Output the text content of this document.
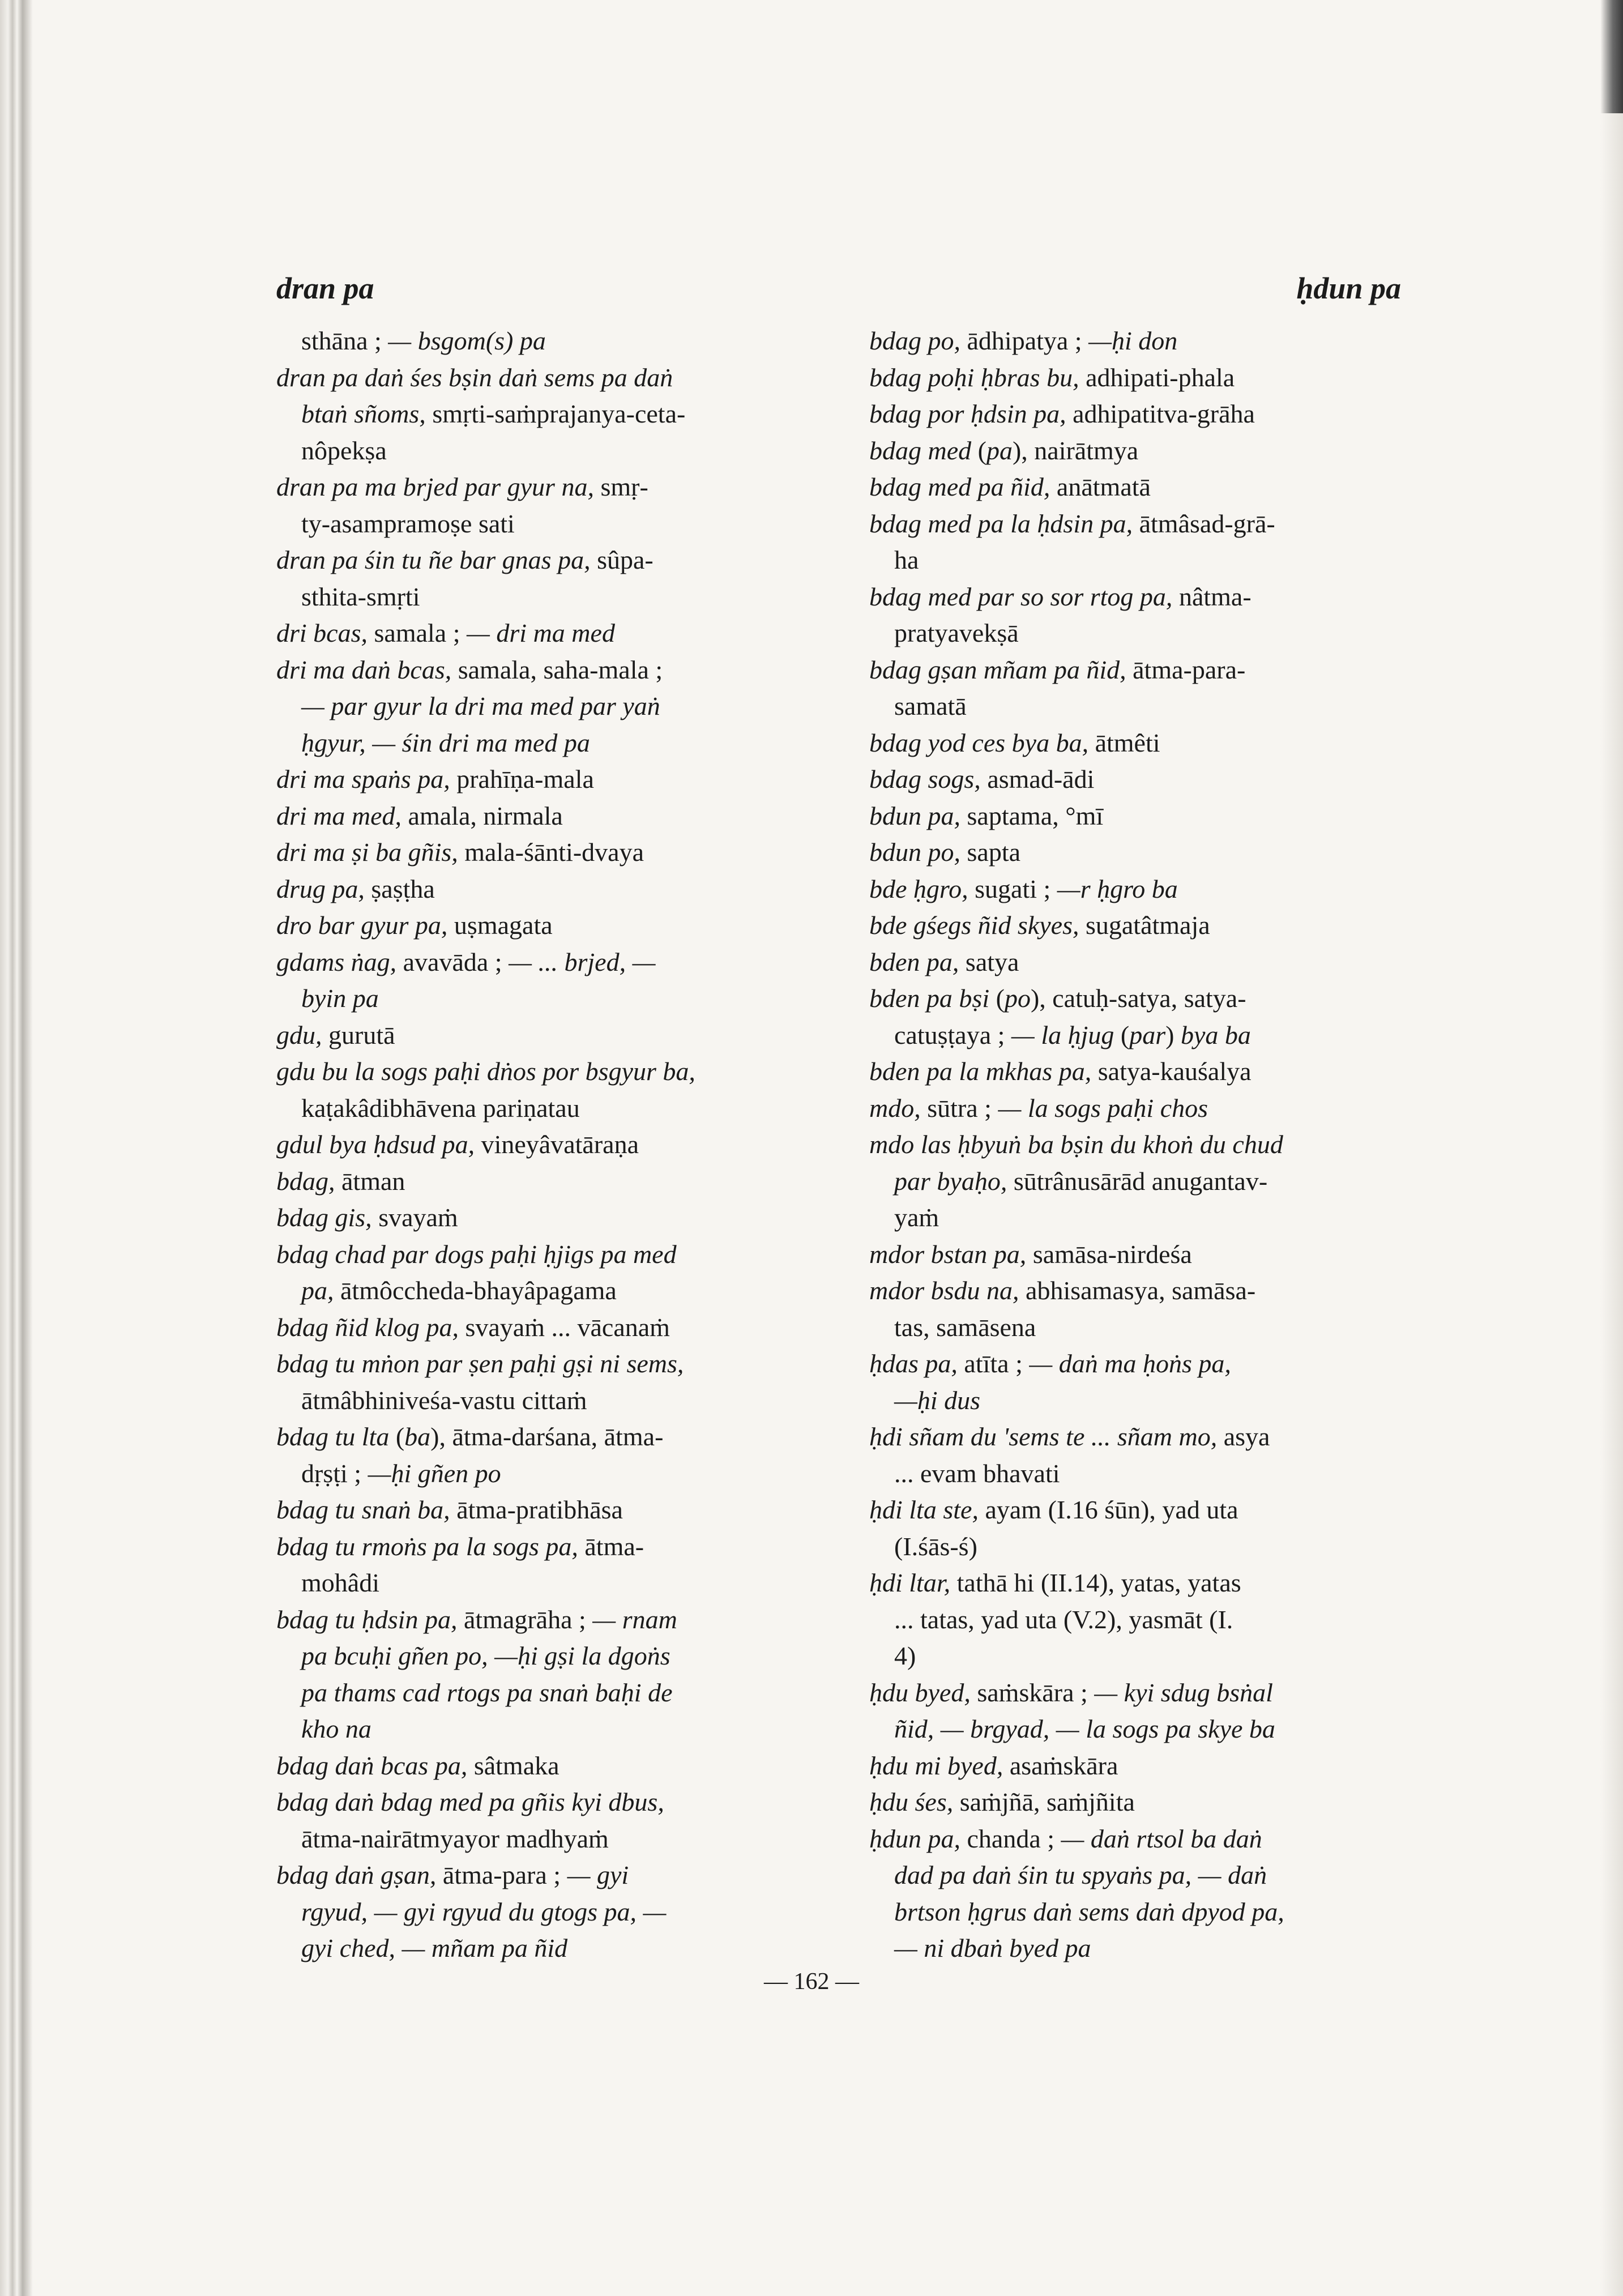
dran pa	ḥdun pa
sthāna ; — bsgom(s) pa
dran pa daṅ śes bṣin daṅ sems pa daṅ
btaṅ sñoms, smṛti-saṁprajanya-ceta-
nôpekṣa
dran pa ma brjed par gyur na, smṛ-
ty-asampramoṣe sati
dran pa śin tu ñe bar gnas pa, sûpa-
sthita-smṛti
dri bcas, samala ; — dri ma med
dri ma daṅ bcas, samala, saha-mala ;
— par gyur la dri ma med par yaṅ
ḥgyur, — śin dri ma med pa
dri ma spaṅs pa, prahīṇa-mala
dri ma med, amala, nirmala
dri ma ṣi ba gñis, mala-śānti-dvaya
drug pa, ṣaṣṭha
dro bar gyur pa, uṣmagata
gdams ṅag, avavāda ; — ... brjed, —
byin pa
gdu, gurutā
gdu bu la sogs paḥi dṅos por bsgyur ba,
kaṭakâdibhāvena pariṇatau
gdul bya ḥdsud pa, vineyâvatāraṇa
bdag, ātman
bdag gis, svayaṁ
bdag chad par dogs paḥi ḥjigs pa med
pa, ātmôccheda-bhayâpagama
bdag ñid klog pa, svayaṁ ... vācanaṁ
bdag tu mṅon par ṣen paḥi gṣi ni sems,
ātmâbhiniveśa-vastu cittaṁ
bdag tu lta (ba), ātma-darśana, ātma-
dṛṣṭi ; —ḥi gñen po
bdag tu snaṅ ba, ātma-pratibhāsa
bdag tu rmoṅs pa la sogs pa, ātma-
mohâdi
bdag tu ḥdsin pa, ātmagrāha ; — rnam
pa bcuḥi gñen po, —ḥi gṣi la dgoṅs
pa thams cad rtogs pa snaṅ baḥi de
kho na
bdag daṅ bcas pa, sâtmaka
bdag daṅ bdag med pa gñis kyi dbus,
ātma-nairātmyayor madhyaṁ
bdag daṅ gṣan, ātma-para ; — gyi
rgyud, — gyi rgyud du gtogs pa, —
gyi ched, — mñam pa ñid
bdag po, ādhipatya ; —ḥi don
bdag poḥi ḥbras bu, adhipati-phala
bdag por ḥdsin pa, adhipatitva-grāha
bdag med (pa), nairātmya
bdag med pa ñid, anātmatā
bdag med pa la ḥdsin pa, ātmâsad-grā-
ha
bdag med par so sor rtog pa, nâtma-
pratyavekṣā
bdag gṣan mñam pa ñid, ātma-para-
samatā
bdag yod ces bya ba, ātmêti
bdag sogs, asmad-ādi
bdun pa, saptama, °mī
bdun po, sapta
bde ḥgro, sugati ; —r ḥgro ba
bde gśegs ñid skyes, sugatâtmaja
bden pa, satya
bden pa bṣi (po), catuḥ-satya, satya-
catuṣṭaya ; — la ḥjug (par) bya ba
bden pa la mkhas pa, satya-kauśalya
mdo, sūtra ; — la sogs paḥi chos
mdo las ḥbyuṅ ba bṣin du khoṅ du chud
par byaḥo, sūtrânusārād anugantav-
yaṁ
mdor bstan pa, samāsa-nirdeśa
mdor bsdu na, abhisamasya, samāsa-
tas, samāsena
ḥdas pa, atīta ; — daṅ ma ḥoṅs pa,
—ḥi dus
ḥdi sñam du 'sems te ... sñam mo, asya
... evam bhavati
ḥdi lta ste, ayam (I.16 śūn), yad uta
(I.śās-ś)
ḥdi ltar, tathā hi (II.14), yatas, yatas
... tatas, yad uta (V.2), yasmāt (I.
4)
ḥdu byed, saṁskāra ; — kyi sdug bsṅal
ñid, — brgyad, — la sogs pa skye ba
ḥdu mi byed, asaṁskāra
ḥdu śes, saṁjñā, saṁjñita
ḥdun pa, chanda ; — daṅ rtsol ba daṅ
dad pa daṅ śin tu spyaṅs pa, — daṅ
brtson ḥgrus daṅ sems daṅ dpyod pa,
— ni dbaṅ byed pa
— 162 —
